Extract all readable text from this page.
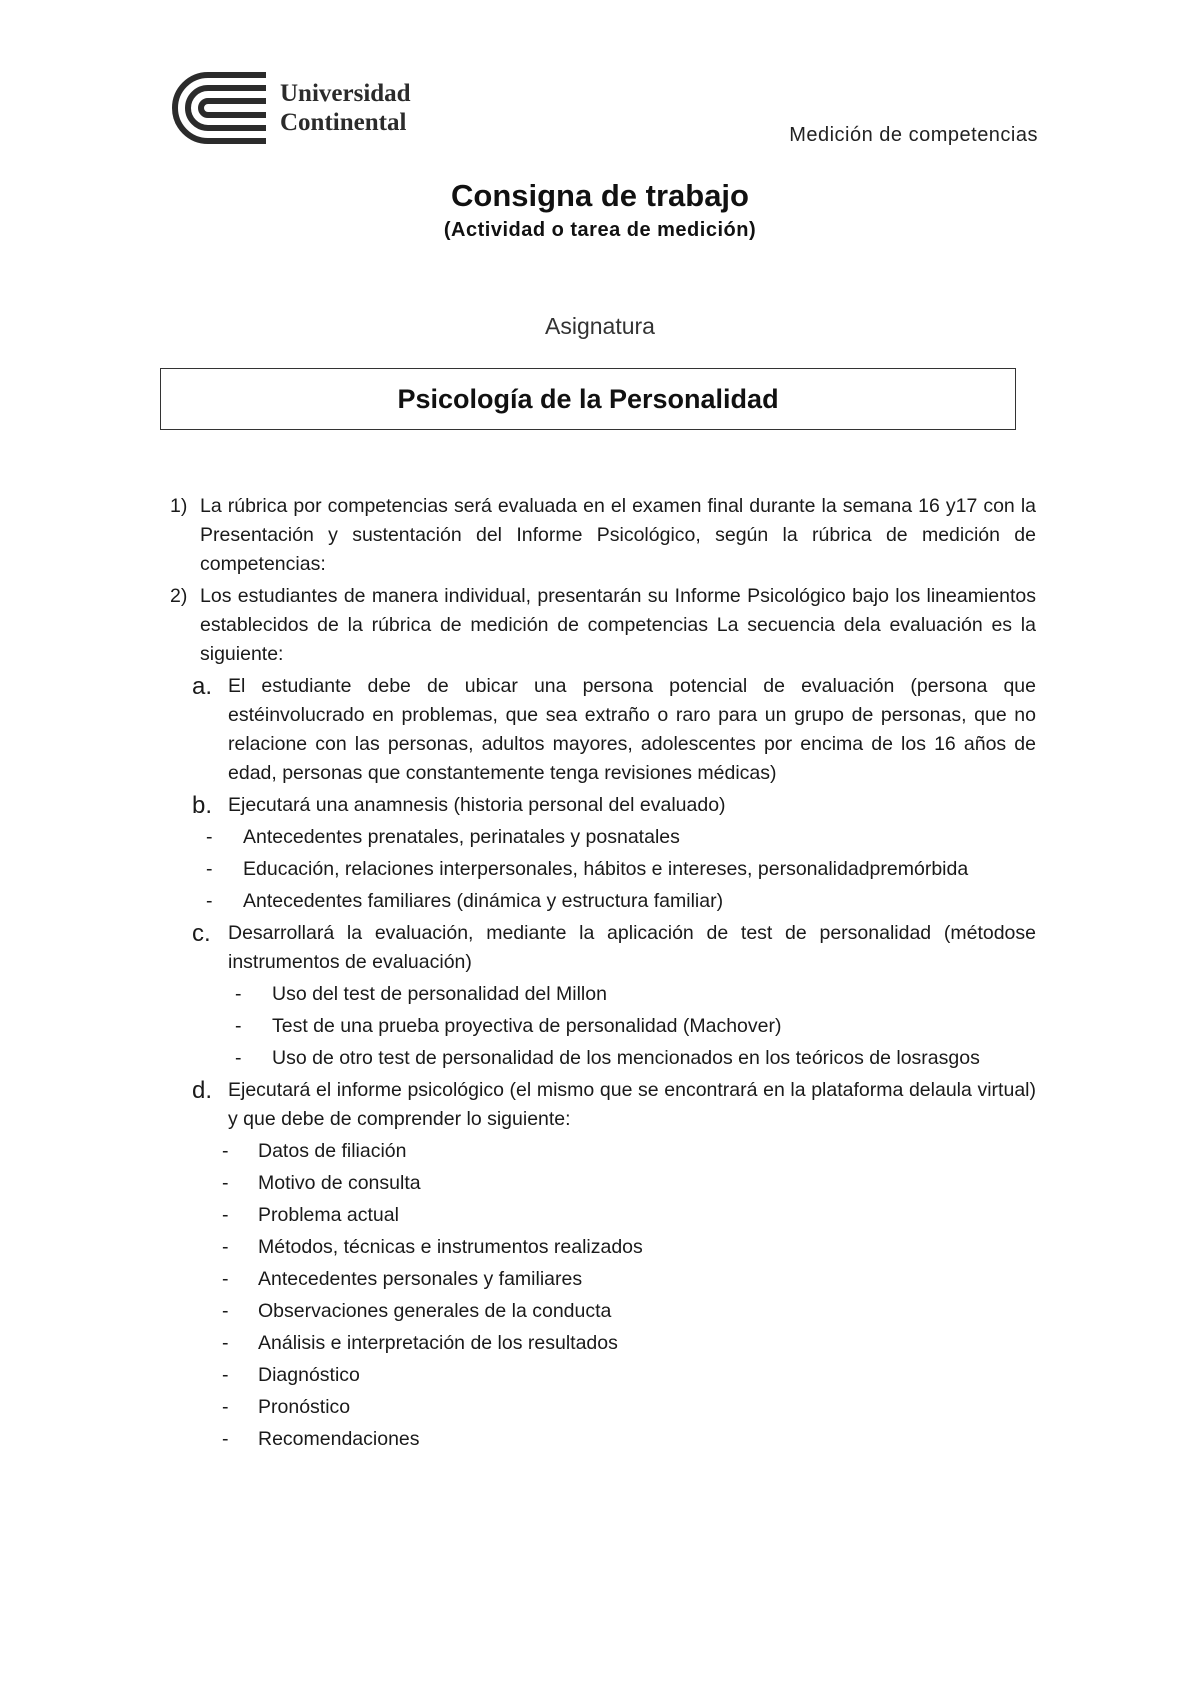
Universidad
Continental	Medición de competencias
Consigna de trabajo
(Actividad o tarea de medición)
Asignatura
Psicología de la Personalidad
1) La rúbrica por competencias será evaluada en el examen final durante la semana 16 y17 con la Presentación y sustentación del Informe Psicológico, según la rúbrica de medición de competencias:
2) Los estudiantes de manera individual, presentarán su Informe Psicológico bajo los lineamientos establecidos de la rúbrica de medición de competencias La secuencia dela evaluación es la siguiente:
a. El estudiante debe de ubicar una persona potencial de evaluación (persona que estéinvolucrado en problemas, que sea extraño o raro para un grupo de personas, que no relacione con las personas, adultos mayores, adolescentes por encima de los 16 años de edad, personas que constantemente tenga revisiones médicas)
b. Ejecutará una anamnesis (historia personal del evaluado)
- Antecedentes prenatales, perinatales y posnatales
- Educación, relaciones interpersonales, hábitos e intereses, personalidadpremórbida
- Antecedentes familiares (dinámica y estructura familiar)
c. Desarrollará la evaluación, mediante la aplicación de test de personalidad (métodose instrumentos de evaluación)
- Uso del test de personalidad del Millon
- Test de una prueba proyectiva de personalidad (Machover)
- Uso de otro test de personalidad de los mencionados en los teóricos de losrasgos
d. Ejecutará el informe psicológico (el mismo que se encontrará en la plataforma delaula virtual) y que debe de comprender lo siguiente:
- Datos de filiación
- Motivo de consulta
- Problema actual
- Métodos, técnicas e instrumentos realizados
- Antecedentes personales y familiares
- Observaciones generales de la conducta
- Análisis e interpretación de los resultados
- Diagnóstico
- Pronóstico
- Recomendaciones
